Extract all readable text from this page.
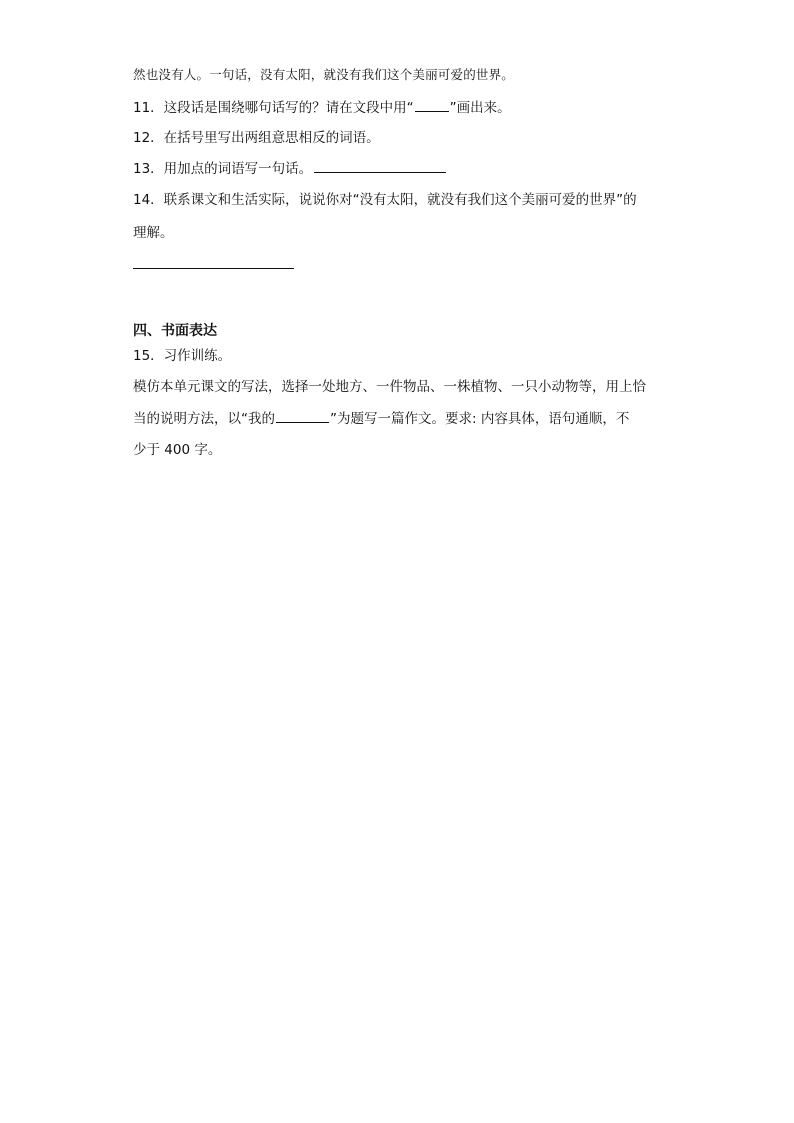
然也没有人。一句话，没有太阳，就没有我们这个美丽可爱的世界。
11．这段话是围绕哪句话写的？请在文段中用“	”画出来。
12．在括号里写出两组意思相反的词语。
13．用加点的词语写一句话。
14．联系课文和生活实际，说说你对“没有太阳，就没有我们这个美丽可爱的世界”的
理解。
四、书面表达
15．习作训练。
模仿本单元课文的写法，选择一处地方、一件物品、一株植物、一只小动物等，用上恰
当的说明方法，以“我的	”为题写一篇作文。要求: 内容具体，语句通顺，不
少于 400 字。
